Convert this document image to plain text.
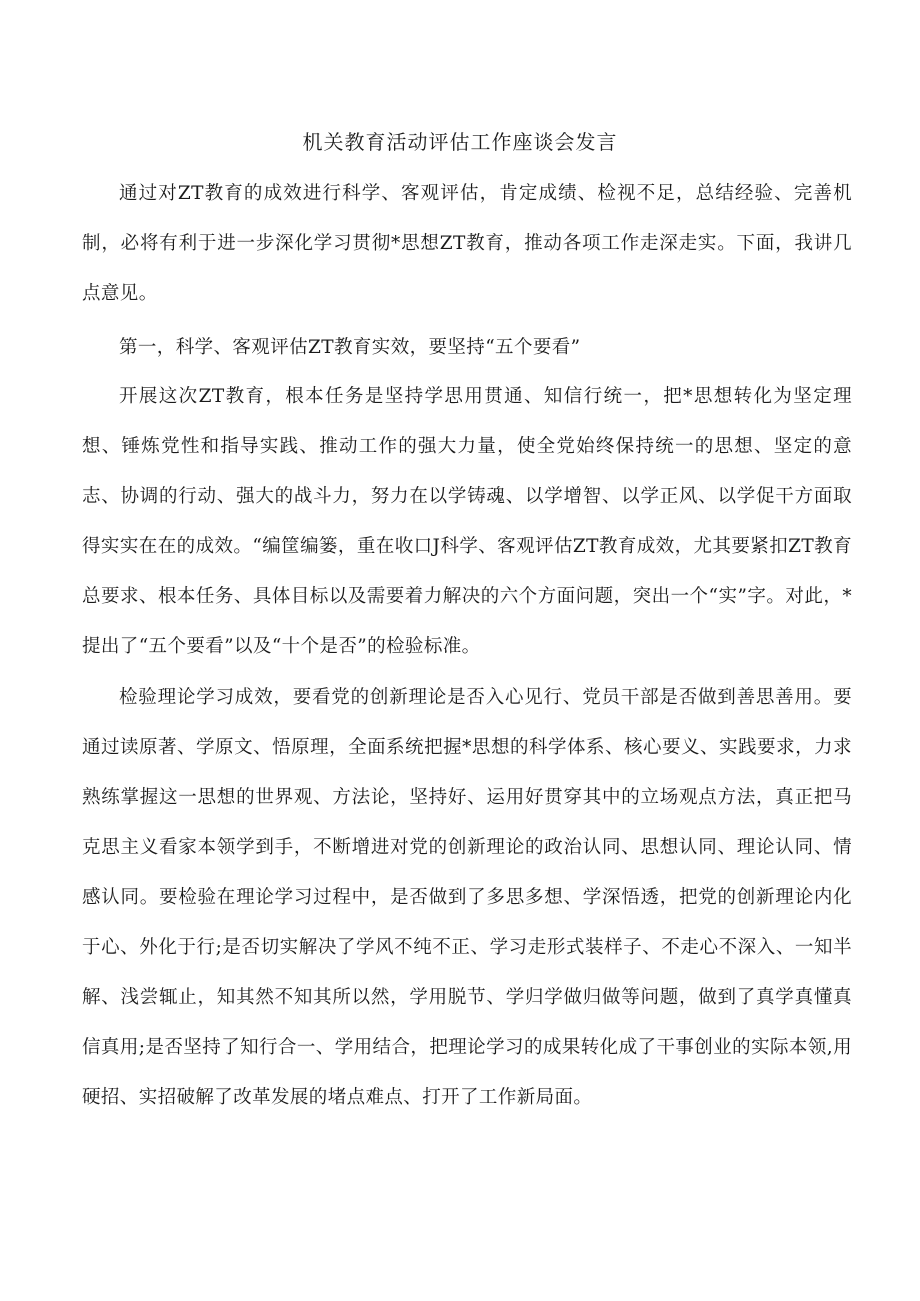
机关教育活动评估工作座谈会发言

通过对ZT教育的成效进行科学、客观评估，肯定成绩、检视不足，总结经验、完善机制，必将有利于进一步深化学习贯彻*思想ZT教育，推动各项工作走深走实。下面，我讲几点意见。

第一，科学、客观评估ZT教育实效，要坚持“五个要看”

开展这次ZT教育，根本任务是坚持学思用贯通、知信行统一，把*思想转化为坚定理想、锤炼党性和指导实践、推动工作的强大力量，使全党始终保持统一的思想、坚定的意志、协调的行动、强大的战斗力，努力在以学铸魂、以学增智、以学正风、以学促干方面取得实实在在的成效。“编筐编篓，重在收口J科学、客观评估ZT教育成效，尤其要紧扣ZT教育总要求、根本任务、具体目标以及需要着力解决的六个方面问题，突出一个“实”字。对此，*提出了“五个要看”以及“十个是否”的检验标准。

检验理论学习成效，要看党的创新理论是否入心见行、党员干部是否做到善思善用。要通过读原著、学原文、悟原理，全面系统把握*思想的科学体系、核心要义、实践要求，力求熟练掌握这一思想的世界观、方法论，坚持好、运用好贯穿其中的立场观点方法，真正把马克思主义看家本领学到手，不断增进对党的创新理论的政治认同、思想认同、理论认同、情感认同。要检验在理论学习过程中，是否做到了多思多想、学深悟透，把党的创新理论内化于心、外化于行;是否切实解决了学风不纯不正、学习走形式装样子、不走心不深入、一知半解、浅尝辄止，知其然不知其所以然，学用脱节、学归学做归做等问题，做到了真学真懂真信真用;是否坚持了知行合一、学用结合，把理论学习的成果转化成了干事创业的实际本领,用硬招、实招破解了改革发展的堵点难点、打开了工作新局面。
